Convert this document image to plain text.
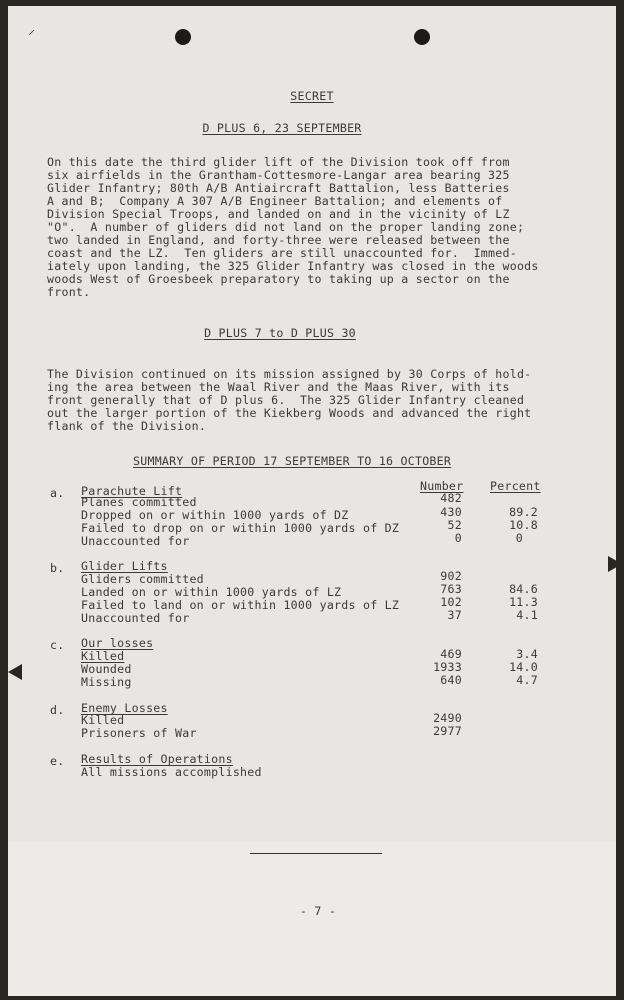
⸝
SECRET
D PLUS 6, 23 SEPTEMBER
On this date the third glider lift of the Division took off from
six airfields in the Grantham-Cottesmore-Langar area bearing 325
Glider Infantry; 80th A/B Antiaircraft Battalion, less Batteries
A and B;  Company A 307 A/B Engineer Battalion; and elements of
Division Special Troops, and landed on and in the vicinity of LZ
"O".  A number of gliders did not land on the proper landing zone;
two landed in England, and forty-three were released between the
coast and the LZ.  Ten gliders are still unaccounted for.  Immed-
iately upon landing, the 325 Glider Infantry was closed in the woods
woods West of Groesbeek preparatory to taking up a sector on the
front.
D PLUS 7 to D PLUS 30
The Division continued on its mission assigned by 30 Corps of hold-
ing the area between the Waal River and the Maas River, with its
front generally that of D plus 6.  The 325 Glider Infantry cleaned
out the larger portion of the Kiekberg Woods and advanced the right
flank of the Division.
SUMMARY OF PERIOD 17 SEPTEMBER TO 16 OCTOBER
Number Percent
a. Parachute Lift
Planes committed	482
Dropped on or within 1000 yards of DZ	430	89.2
Failed to drop on or within 1000 yards of DZ	52	10.8
Unaccounted for	0	0
b. Glider Lifts
Gliders committed	902
Landed on or within 1000 yards of LZ	763	84.6
Failed to land on or within 1000 yards of LZ	102	11.3
Unaccounted for	37	4.1
c. Our losses
Killed	469	3.4
Wounded	1933	14.0
Missing	640	4.7
d. Enemy Losses
Killed	2490
Prisoners of War	2977
e. Results of Operations
All missions accomplished
- 7 -
